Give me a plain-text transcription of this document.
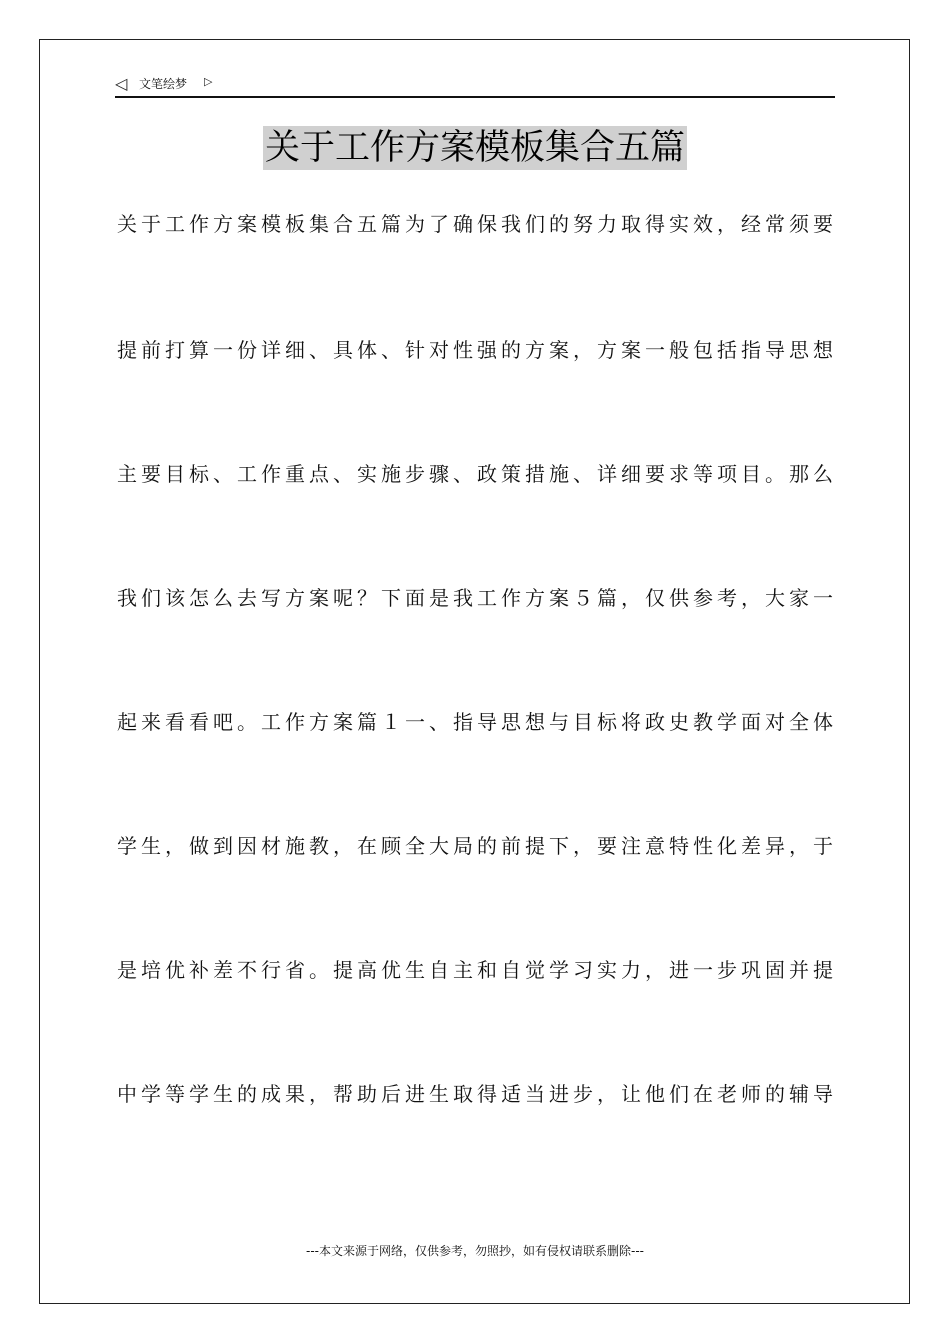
◁ 文笔绘梦 ▷
关于工作方案模板集合五篇
关于工作方案模板集合五篇为了确保我们的努力取得实效，经常须要
提前打算一份详细、具体、针对性强的方案，方案一般包括指导思想
主要目标、工作重点、实施步骤、政策措施、详细要求等项目。那么
我们该怎么去写方案呢？下面是我工作方案５篇，仅供参考，大家一
起来看看吧。工作方案篇１一、指导思想与目标将政史教学面对全体
学生，做到因材施教，在顾全大局的前提下，要注意特性化差异，于
是培优补差不行省。提高优生自主和自觉学习实力，进一步巩固并提
中学等学生的成果，帮助后进生取得适当进步，让他们在老师的辅导
---本文来源于网络，仅供参考，勿照抄，如有侵权请联系删除---
